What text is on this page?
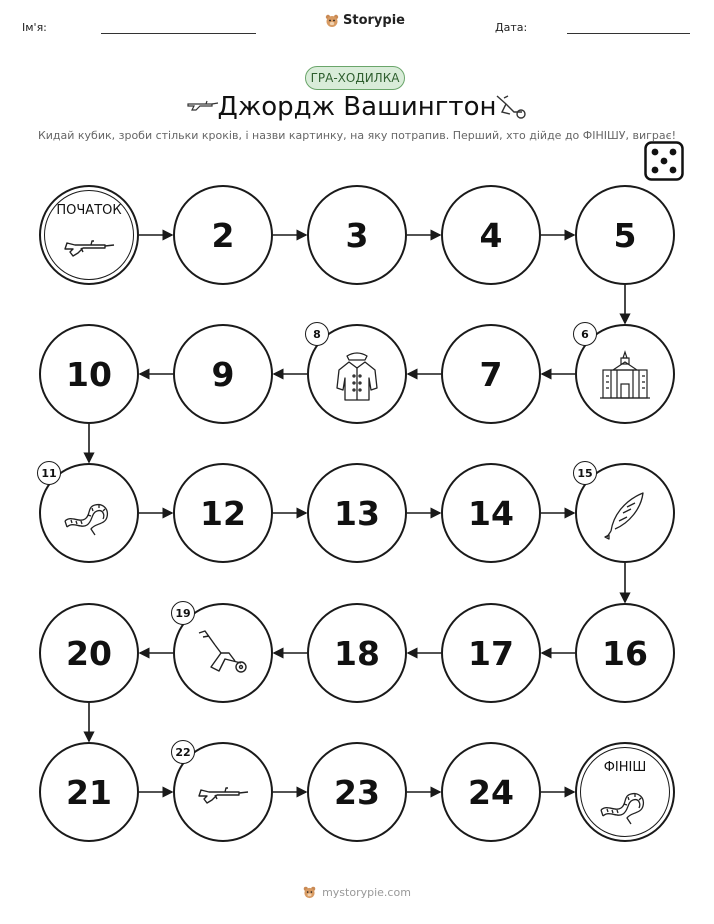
Ім'я:	Storypie	Дата:
ГРА-ХОДИЛКА
Джордж Вашингтон
Кидай кубик, зроби стільки кроків, і назви картинку, на яку потрапив. Перший, хто дійде до ФІНІШУ, виграє!
ПОЧАТОК
2	3	4	5
6
7
8
9
10
11
12	13	14
15
16
17
18
19
20
21
22
23	24
ФІНІШ
mystorypie.com
